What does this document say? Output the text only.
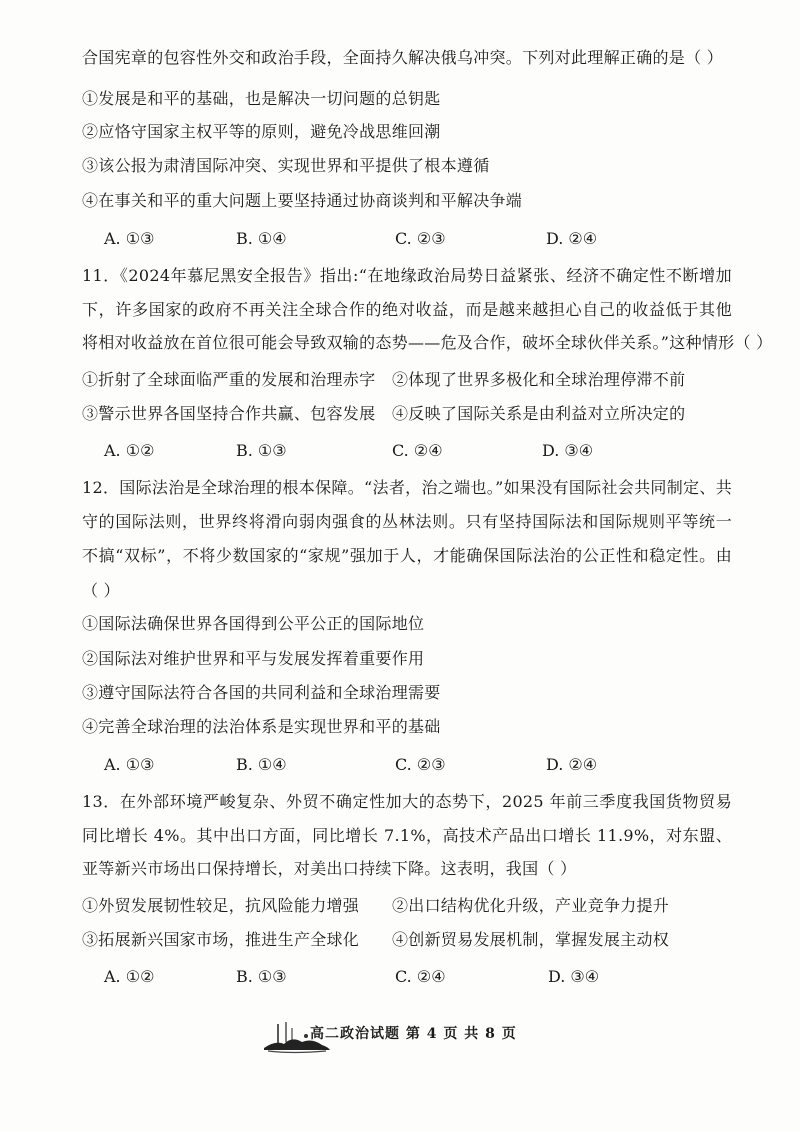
合国宪章的包容性外交和政治手段，全面持久解决俄乌冲突。下列对此理解正确的是（ ）
①发展是和平的基础，也是解决一切问题的总钥匙
②应恪守国家主权平等的原则，避免冷战思维回潮
③该公报为肃清国际冲突、实现世界和平提供了根本遵循
④在事关和平的重大问题上要坚持通过协商谈判和平解决争端
A. ①③	B. ①④	C. ②③	D. ②④
11．《2024年慕尼黑安全报告》指出:“在地缘政治局势日益紧张、经济不确定性不断增加
下，许多国家的政府不再关注全球合作的绝对收益，而是越来越担心自己的收益低于其他
将相对收益放在首位很可能会导致双输的态势——危及合作，破坏全球伙伴关系。”这种情形（ ）
①折射了全球面临严重的发展和治理赤字 ②体现了世界多极化和全球治理停滞不前
③警示世界各国坚持合作共赢、包容发展 ④反映了国际关系是由利益对立所决定的
A. ①②	B. ①③	C. ②④	D. ③④
12．国际法治是全球治理的根本保障。“法者，治之端也。”如果没有国际社会共同制定、共
守的国际法则，世界终将滑向弱肉强食的丛林法则。只有坚持国际法和国际规则平等统一
不搞“双标”，不将少数国家的“家规”强加于人，才能确保国际法治的公正性和稳定性。由
（ ）
①国际法确保世界各国得到公平公正的国际地位
②国际法对维护世界和平与发展发挥着重要作用
③遵守国际法符合各国的共同利益和全球治理需要
④完善全球治理的法治体系是实现世界和平的基础
A. ①③	B. ①④	C. ②③	D. ②④
13．在外部环境严峻复杂、外贸不确定性加大的态势下，2025 年前三季度我国货物贸易
同比增长 4%。其中出口方面，同比增长 7.1%，高技术产品出口增长 11.9%，对东盟、
亚等新兴市场出口保持增长，对美出口持续下降。这表明，我国（ ）
①外贸发展韧性较足，抗风险能力增强 ②出口结构优化升级，产业竞争力提升
③拓展新兴国家市场，推进生产全球化 ④创新贸易发展机制，掌握发展主动权
A. ①②	B. ①③	C. ②④	D. ③④
高二政治试题 第 4 页 共 8 页
